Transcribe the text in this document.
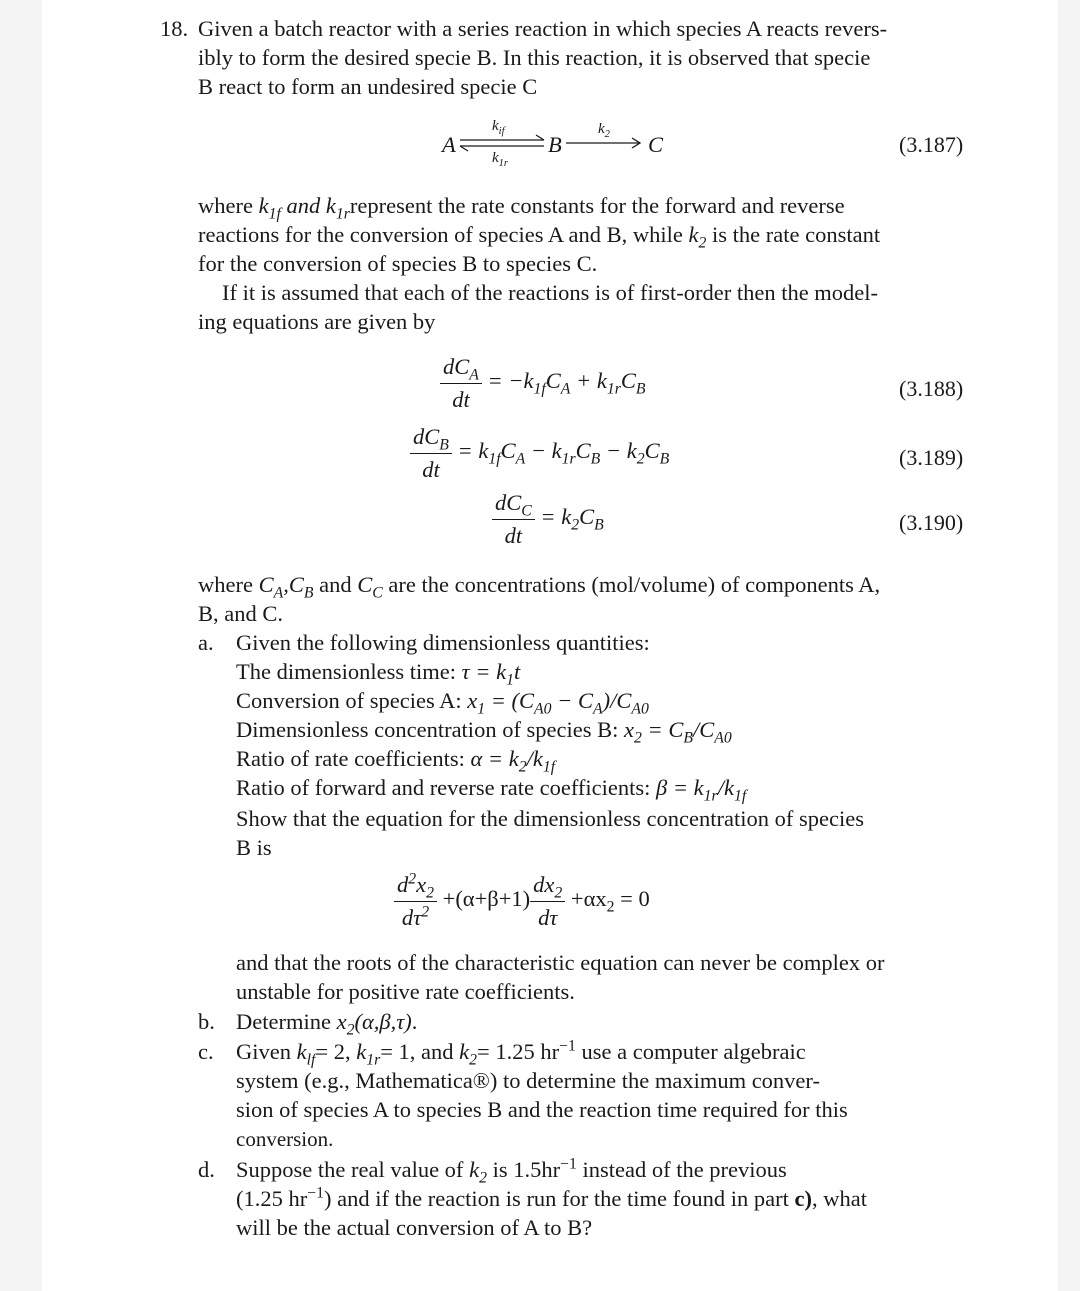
18. Given a batch reactor with a series reaction in which species A reacts revers-
ibly to form the desired specie B. In this reaction, it is observed that specie
B react to form an undesired specie C
A
$k_{if}$
$k_{1r}$
B
$k_2$ C	(3.187)
where $k_{1f}$ and $k_{1r}represent$ the rate constants for the forward and reverse
reactions for the conversion of species A and B, while $k_2$ is the rate constant
for the conversion of species B to species C.
If it is assumed that each of the reactions is of first-order then the model-
ing equations are given by
$\frac{dC_A}{dt} = -k_{1f}C_A + k_{1r}C_B$	(3.188)
$\frac{dC_B}{dt} = k_{1f}C_A - k_{1r}C_B - k_2C_B$	(3.189)
$\frac{dC_C}{dt} = k_2C_B$	(3.190)
where $C_A,C_B$ and $C_C$ are the concentrations (mol/volume) of components A,
B, and C.
a. Given the following dimensionless quantities:
The dimensionless time: $\tau = k_1t$
Conversion of species A: $x_1 = (C_{A0} - C_A)/C_{A0}$
Dimensionless concentration of species B: $x_2 = C_B/C_{A0}$
Ratio of rate coefficients: $\alpha = k_2/k_{1f}$
Ratio of forward and reverse rate coefficients: $\beta = k_{1r}/k_{1f}$
Show that the equation for the dimensionless concentration of species
B is
$\frac{d^2x_2}{d\tau^2} +(\alpha+\beta+1) \frac{dx_2}{d\tau} +\alpha x_2 = 0$
and that the roots of the characteristic equation can never be complex or
unstable for positive rate coefficients.
b. Determine $x_2(\alpha,\beta,\tau)$.
c. Given $k_{lf}= 2$, $k_{1r}= 1$, and $k_2= 1.25$ $hr^{-1}$ use a computer algebraic
system (e.g., Mathematica®) to determine the maximum conver-
sion of species A to species B and the reaction time required for this
conversion.
d. Suppose the real value of $k_2$ is $1.5hr^{-1}$ instead of the previous
(1.25 $hr^{-1}$) and if the reaction is run for the time found in part c), what
will be the actual conversion of A to B?
